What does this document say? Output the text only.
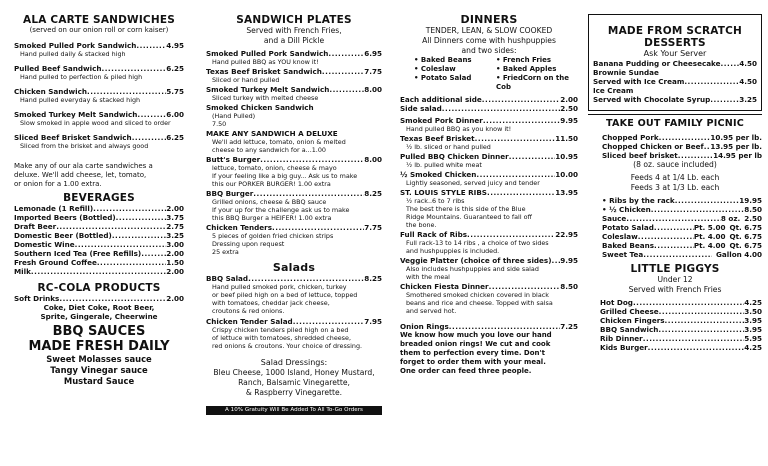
ALA CARTE SANDWICHES
(served on our onion roll or corn kaiser)
Smoked Pulled Pork Sandwich .....	4.95
Hand pulled daily & stacked high
Pulled Beef Sandwich .....	6.25
Hand pulled to perfection & piled high
Chicken Sandwich .....	5.75
Hand pulled everyday & stacked high
Smoked Turkey Melt Sandwich .....	6.00
Slow smoked in apple wood and sliced to order
Sliced Beef Brisket Sandwich .....	6.25
Sliced from the brisket and always good
Make any of our ala carte sandwiches a
deluxe. We'll add cheese, let, tomato,
or onion for a 1.00 extra.
BEVERAGES
Lemonade (1 Refill) .....	2.00
Imported Beers (Bottled) .....	3.75
Draft Beer .....	2.75
Domestic Beer (Bottled) .....	3.25
Domestic Wine .....	3.00
Southern Iced Tea (Free Refills) .....	2.00
Fresh Ground Coffee .....	1.50
Milk .....	2.00
RC-COLA PRODUCTS
Soft Drinks .....	2.00
Coke, Diet Coke, Root Beer,
Sprite, Gingerale, Cheerwine
BBQ SAUCES
MADE FRESH DAILY
Sweet Molasses sauce
Tangy Vinegar sauce
Mustard Sauce
SANDWICH PLATES
Served with French Fries,
and a Dill Pickle
Smoked Pulled Pork Sandwich .....	6.95
Hand pulled BBQ as YOU know it!
Texas Beef Brisket Sandwich .....	7.75
Sliced or hand pulled
Smoked Turkey Melt Sandwich .....	8.00
Sliced turkey with melted cheese
Smoked Chicken Sandwich
(Hand Pulled)
7.50
MAKE ANY SANDWICH A DELUXE
We'll add lettuce, tomato, onion & melted
cheese to any sandwich for a...1.00
Butt's Burger .....	8.00
lettuce, tomato, onion, cheese & mayo
If your feeling like a big guy... Ask us to make
this our PORKER BURGER! 1.00 extra
BBQ Burger .....	8.25
Grilled onions, cheese & BBQ sauce
If your up for the challenge ask us to make
this BBQ Burger a HEIFER! 1.00 extra
Chicken Tenders .....	7.75
5 pieces of golden fried chicken strips
Dressing upon request
25 extra
Salads
BBQ Salad .....	8.25
Hand pulled smoked pork, chicken, turkey
or beef piled high on a bed of lettuce, topped
with tomatoes, cheddar jack cheese,
croutons & red onions.
Chicken Tender Salad .....	7.95
Crispy chicken tenders piled high on a bed
of lettuce with tomatoes, shredded cheese,
red onions & croutons. Your choice of dressing.
Salad Dressings:
Bleu Cheese, 1000 Island, Honey Mustard,
Ranch, Balsamic Vinegarette,
& Raspberry Vinegarette.
A 10% Gratuity Will Be Added To All To-Go Orders
DINNERS
TENDER, LEAN, & SLOW COOKED
All Dinners come with hushpuppies
and two sides:
• Baked Beans	• French Fries
• Coleslaw	• Baked Apples
• Potato Salad	• FriedCorn on the Cob
Each additional side .....	2.00
Side salad .....	2.50
Smoked Pork Dinner .....	9.95
Hand pulled BBQ as you know it!
Texas Beef Brisket .....	11.50
½ lb. sliced or hand pulled
Pulled BBQ Chicken Dinner .....	10.95
½ lb. pulled white meat
½ Smoked Chicken .....	10.00
Lightly seasoned, served juicy and tender
ST. LOUIS STYLE RIBS .....	13.95
½ rack..6 to 7 ribs
The best there is this side of the Blue
Ridge Mountains. Guaranteed to fall off
the bone.
Full Rack of Ribs .....	22.95
Full rack-13 to 14 ribs , a choice of two sides
and hushpuppies is included.
Veggie Platter (choice of three sides) ..... 9.95
Also includes hushpuppies and side salad
with the meal
Chicken Fiesta Dinner .....	8.50
Smothered smoked chicken covered in black
beans and rice and cheese. Topped with salsa
and served hot.
Onion Rings .....	7.25
We know how much you love our hand
breaded onion rings! We cut and cook
them to perfection every time. Don't
forget to order them with your meal.
One order can feed three people.
MADE FROM SCRATCH
DESSERTS
Ask Your Server
Banana Pudding or Cheesecake .....	4.50
Brownie Sundae
Served with Ice Cream .....	4.50
Ice Cream
Served with Chocolate Syrup .....	3.25
TAKE OUT FAMILY PICNIC
Chopped Pork .....	10.95 per lb.
Chopped Chicken or Beef ..... 13.95 per lb.
Sliced beef brisket .....	14.95 per lb
(8 oz. sauce included)
Feeds 4 at 1/4 Lb. each
Feeds 3 at 1/3 Lb. each
• Ribs by the rack .....	19.95
• ½ Chicken .....	8.50
Sauce .....	8 oz. 2.50
Potato Salad .....	Pt. 5.00 Qt. 6.75
Coleslaw .....	Pt. 4.00 Qt. 6.75
Baked Beans .....	Pt. 4.00 Qt. 6.75
Sweet Tea .....	Gallon 4.00
LITTLE PIGGYS
Under 12
Served with French Fries
Hot Dog .....	4.25
Grilled Cheese .....	3.50
Chicken Fingers .....	3.95
BBQ Sandwich .....	3.95
Rib Dinner .....	5.95
Kids Burger .....	4.25
